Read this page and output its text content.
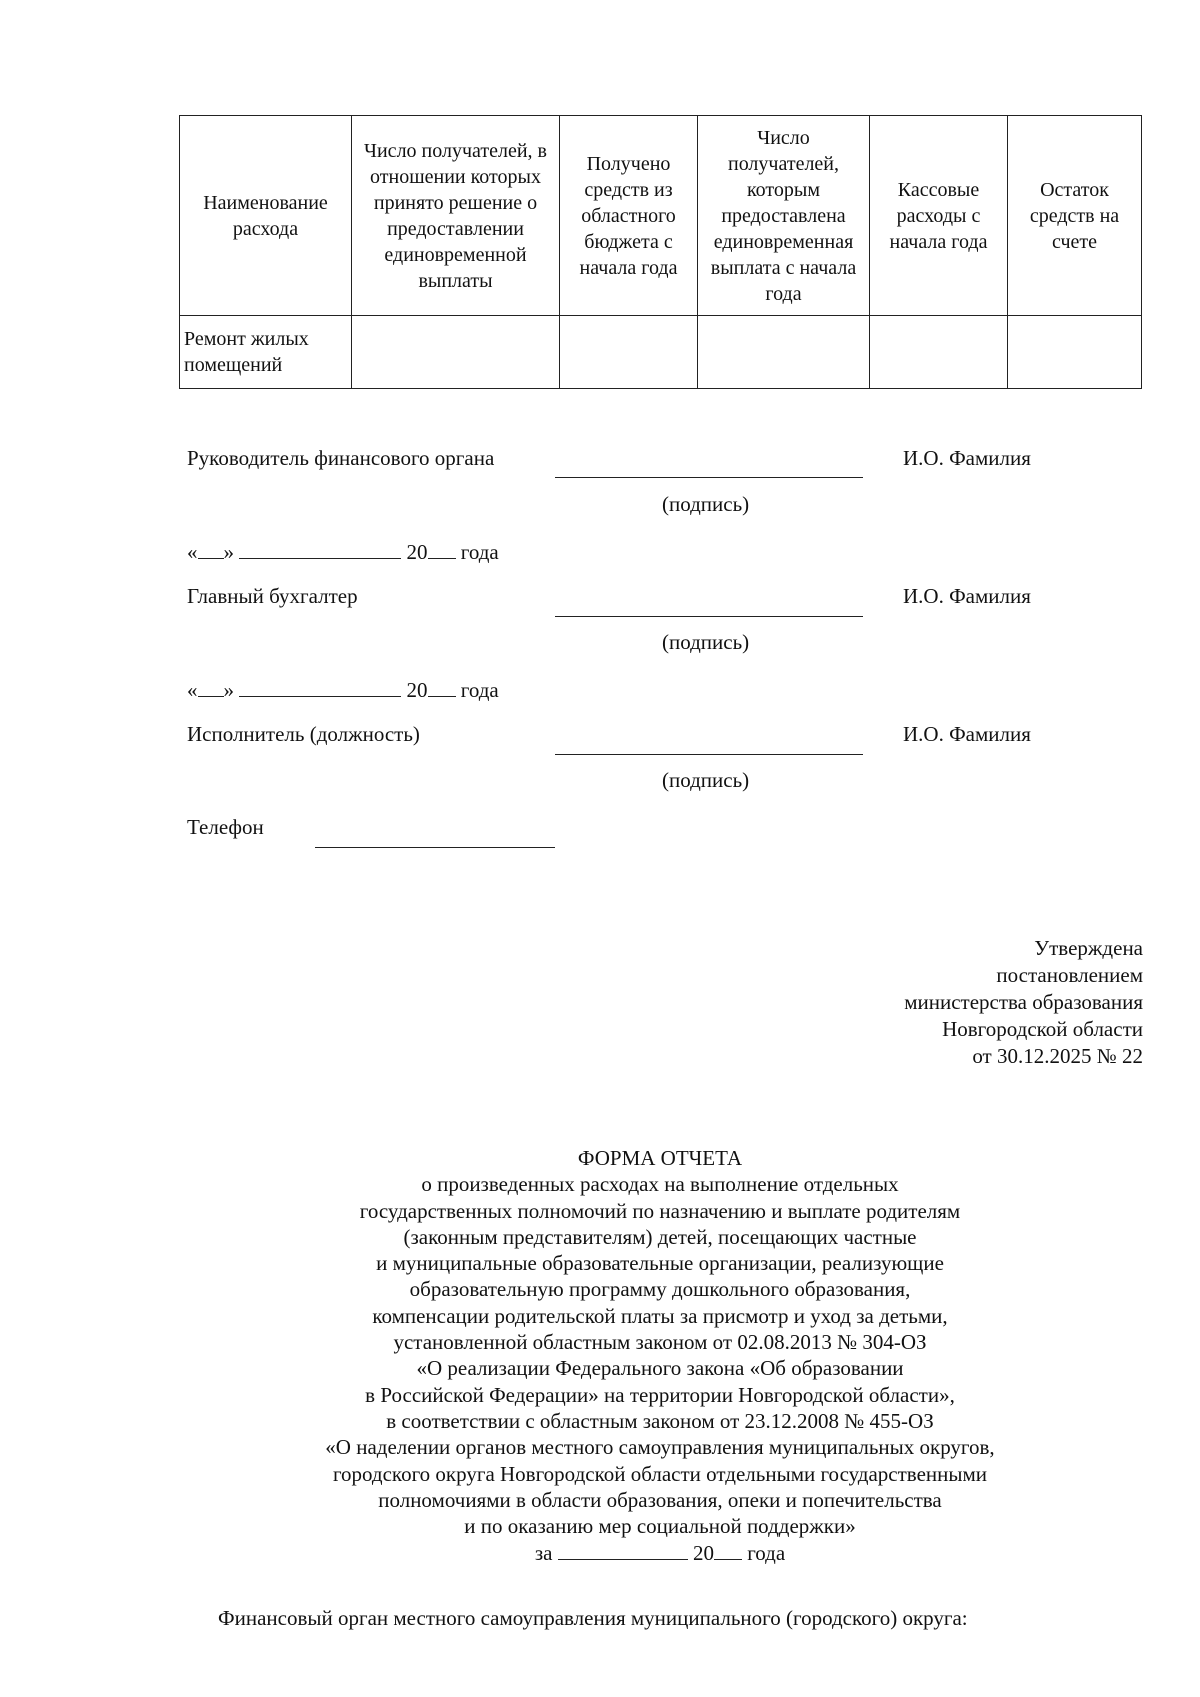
Наименование расхода	Число получателей, в отношении которых принято решение о предоставлении единовременной выплаты	Получено средств из областного бюджета с начала года	Число получателей, которым предоставлена единовременная выплата с начала года	Кассовые расходы с начала года	Остаток средств на счете
Ремонт жилых помещений					
Руководитель финансового органа	И.О. Фамилия
(подпись)
« »	20 года
Главный бухгалтер	И.О. Фамилия
(подпись)
« »	20 года
Исполнитель (должность)	И.О. Фамилия
(подпись)
Телефон
Утверждена
постановлением
министерства образования
Новгородской области
от 30.12.2025 № 22
ФОРМА ОТЧЕТА
о произведенных расходах на выполнение отдельных
государственных полномочий по назначению и выплате родителям
(законным представителям) детей, посещающих частные
и муниципальные образовательные организации, реализующие
образовательную программу дошкольного образования,
компенсации родительской платы за присмотр и уход за детьми,
установленной областным законом от 02.08.2013 № 304-ОЗ
«О реализации Федерального закона «Об образовании
в Российской Федерации» на территории Новгородской области»,
в соответствии с областным законом от 23.12.2008 № 455-ОЗ
«О наделении органов местного самоуправления муниципальных округов,
городского округа Новгородской области отдельными государственными
полномочиями в области образования, опеки и попечительства
и по оказанию мер социальной поддержки»
за	20 года
Финансовый орган местного самоуправления муниципального (городского) округа:
